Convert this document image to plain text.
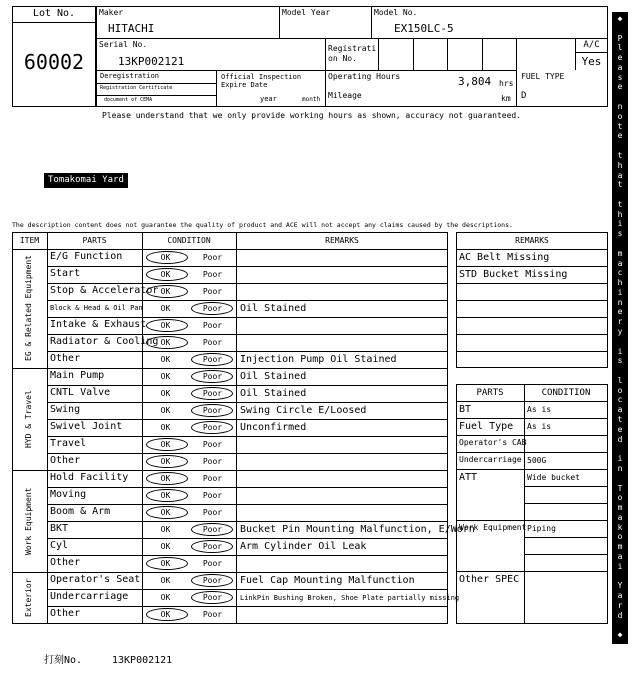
Lot No.
60002
Maker
HITACHI
Model Year	Model No.
EX150LC-5
Serial No.
13KP002121
Registrati on No.
A/C
Yes
Deregistration
Registration Certificate
document of CEMA
Official Inspection Expire Date
year	month
Operating Hours	3,804 hrs
Mileage	km
FUEL TYPE
D
Please understand that we only provide working hours as shown, accuracy not guaranteed.
Tomakomai Yard
The description content does not guarantee the quality of product and ACE will not accept any claims caused by the descriptions.
ITEM	PARTS	CONDITION	REMARKS	REMARKS
PARTS	CONDITION
◆
P
l
e
a
s
e
n
o
t
e
t
h
a
t
t
h
i
s
m
a
c
h
i
n
e
r
y
i
s
l
o
c
a
t
e
d
i
n
T
o
m
a
k
o
m
a
i
Y
a
r
d
◆
打刻No.	13KP002121
E/G Function	OK	Poor
Start	OK	Poor
Stop & Accelerator OK	Poor
Block & Head & Oil Pan	OK	Poor	Oil Stained
Intake & Exhaust	OK	Poor
Radiator & Cooling OK	Poor
Other	OK	Poor	Injection Pump Oil Stained
EG & Related Equipment
Main Pump	OK	Poor	Oil Stained
CNTL Valve	OK	Poor	Oil Stained
Swing	OK	Poor	Swing Circle E/Loosed
Swivel Joint	OK	Poor	Unconfirmed
Travel	OK	Poor
Other	OK	Poor
HYD & Travel
Hold Facility	OK	Poor
Moving	OK	Poor
Boom & Arm	OK	Poor
BKT	OK	Poor	Bucket Pin Mounting Malfunction, E/Worn
Cyl	OK	Poor	Arm Cylinder Oil Leak
Other	OK	Poor
Work Equipment
Operator's Seat	OK	Poor	Fuel Cap Mounting Malfunction
Undercarriage	OK	Poor	LinkPin Bushing Broken, Shoe Plate partially missing
Other	OK	Poor
Exterior
AC Belt Missing
STD Bucket Missing
BT	As is
Fuel Type As is
Operator's CAB
Undercarriage 500G
ATT	Wide bucket
Work Equipment Piping
Other SPEC
